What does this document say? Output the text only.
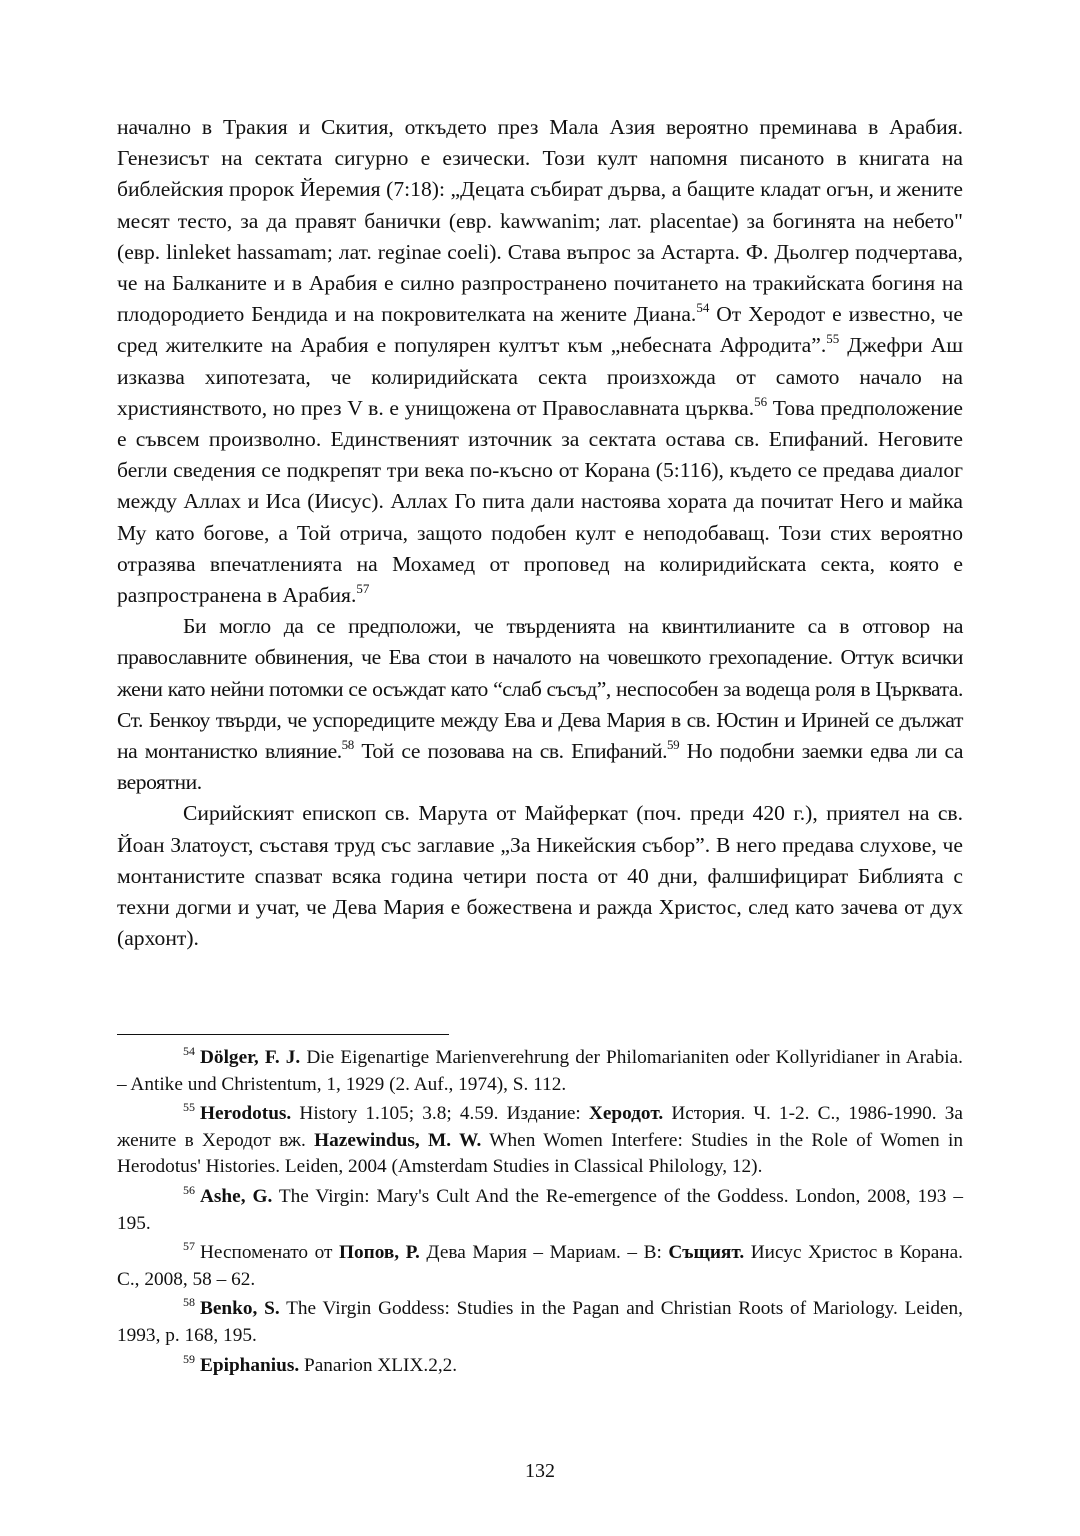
начално в Тракия и Скития, откъдето през Мала Азия вероятно преминава в Арабия. Генезисът на сектата сигурно е езически. Този култ напомня писаното в книгата на библейския пророк Йеремия (7:18): „Децата събират дърва, а бащите кладат огън, и жените месят тесто, за да правят банички (евр. kawwanim; лат. placentae) за богинята на небето" (евр. linleket hassamam; лат. reginae coeli). Става въпрос за Астарта. Ф. Дьолгер подчертава, че на Балканите и в Арабия е силно разпространено почитането на тракийската богиня на плодородието Бендида и на покровителката на жените Диана.$^{54}$ От Херодот е известно, че сред жителките на Арабия е популярен култът към „небесната Афродита”.$^{55}$ Джефри Аш изказва хипотезата, че колиридийската секта произхожда от самото начало на християнството, но през V в. е унищожена от Православната църква.$^{56}$ Това предположение е съвсем произволно. Единственият източник за сектата остава св. Епифаний. Неговите бегли сведения се подкрепят три века по-късно от Корана (5:116), където се предава диалог между Аллах и Иса (Иисус). Аллах Го пита дали настоява хората да почитат Него и майка Му като богове, а Той отрича, защото подобен култ е неподобаващ. Този стих вероятно отразява впечатленията на Мохамед от проповед на колиридийската секта, която е разпространена в Арабия.$^{57}$

Би могло да се предположи, че твърденията на квинтилианите са в отговор на православните обвинения, че Ева стои в началото на човешкото грехопадение. Оттук всички жени като нейни потомки се осъждат като “слаб съсъд”, неспособен за водеща роля в Църквата. Ст. Бенкоу твърди, че успоредиците между Ева и Дева Мария в св. Юстин и Ириней се дължат на монтанистко влияние.$^{58}$ Той се позовава на св. Епифаний.$^{59}$ Но подобни заемки едва ли са вероятни.

Сирийският епископ св. Марута от Майферкат (поч. преди 420 г.), приятел на св. Йоан Златоуст, съставя труд със заглавие „За Никейския събор”. В него предава слухове, че монтанистите спазват всяка година четири поста от 40 дни, фалшифицират Библията с техни догми и учат, че Дева Мария е божествена и ражда Христос, след като зачева от дух (архонт).

$^{54}$ Dölger, F. J. Die Eigenartige Marienverehrung der Philomarianiten oder Kollyridianer in Arabia. – Antike und Christentum, 1, 1929 (2. Auf., 1974), S. 112.

$^{55}$ Herodotus. History 1.105; 3.8; 4.59. Издание: Херодот. История. Ч. 1-2. С., 1986-1990. За жените в Херодот вж. Hazewindus, M. W. When Women Interfere: Studies in the Role of Women in Herodotus' Histories. Leiden, 2004 (Amsterdam Studies in Classical Philology, 12).

$^{56}$ Ashe, G. The Virgin: Mary's Cult And the Re-emergence of the Goddess. London, 2008, 193 – 195.

$^{57}$ Неспоменато от Попов, Р. Дева Мария – Мариам. – В: Същият. Иисус Христос в Корана. С., 2008, 58 – 62.

$^{58}$ Benko, S. The Virgin Goddess: Studies in the Pagan and Christian Roots of Mariology. Leiden, 1993, p. 168, 195.

$^{59}$ Epiphanius. Panarion XLIX.2,2.

132
